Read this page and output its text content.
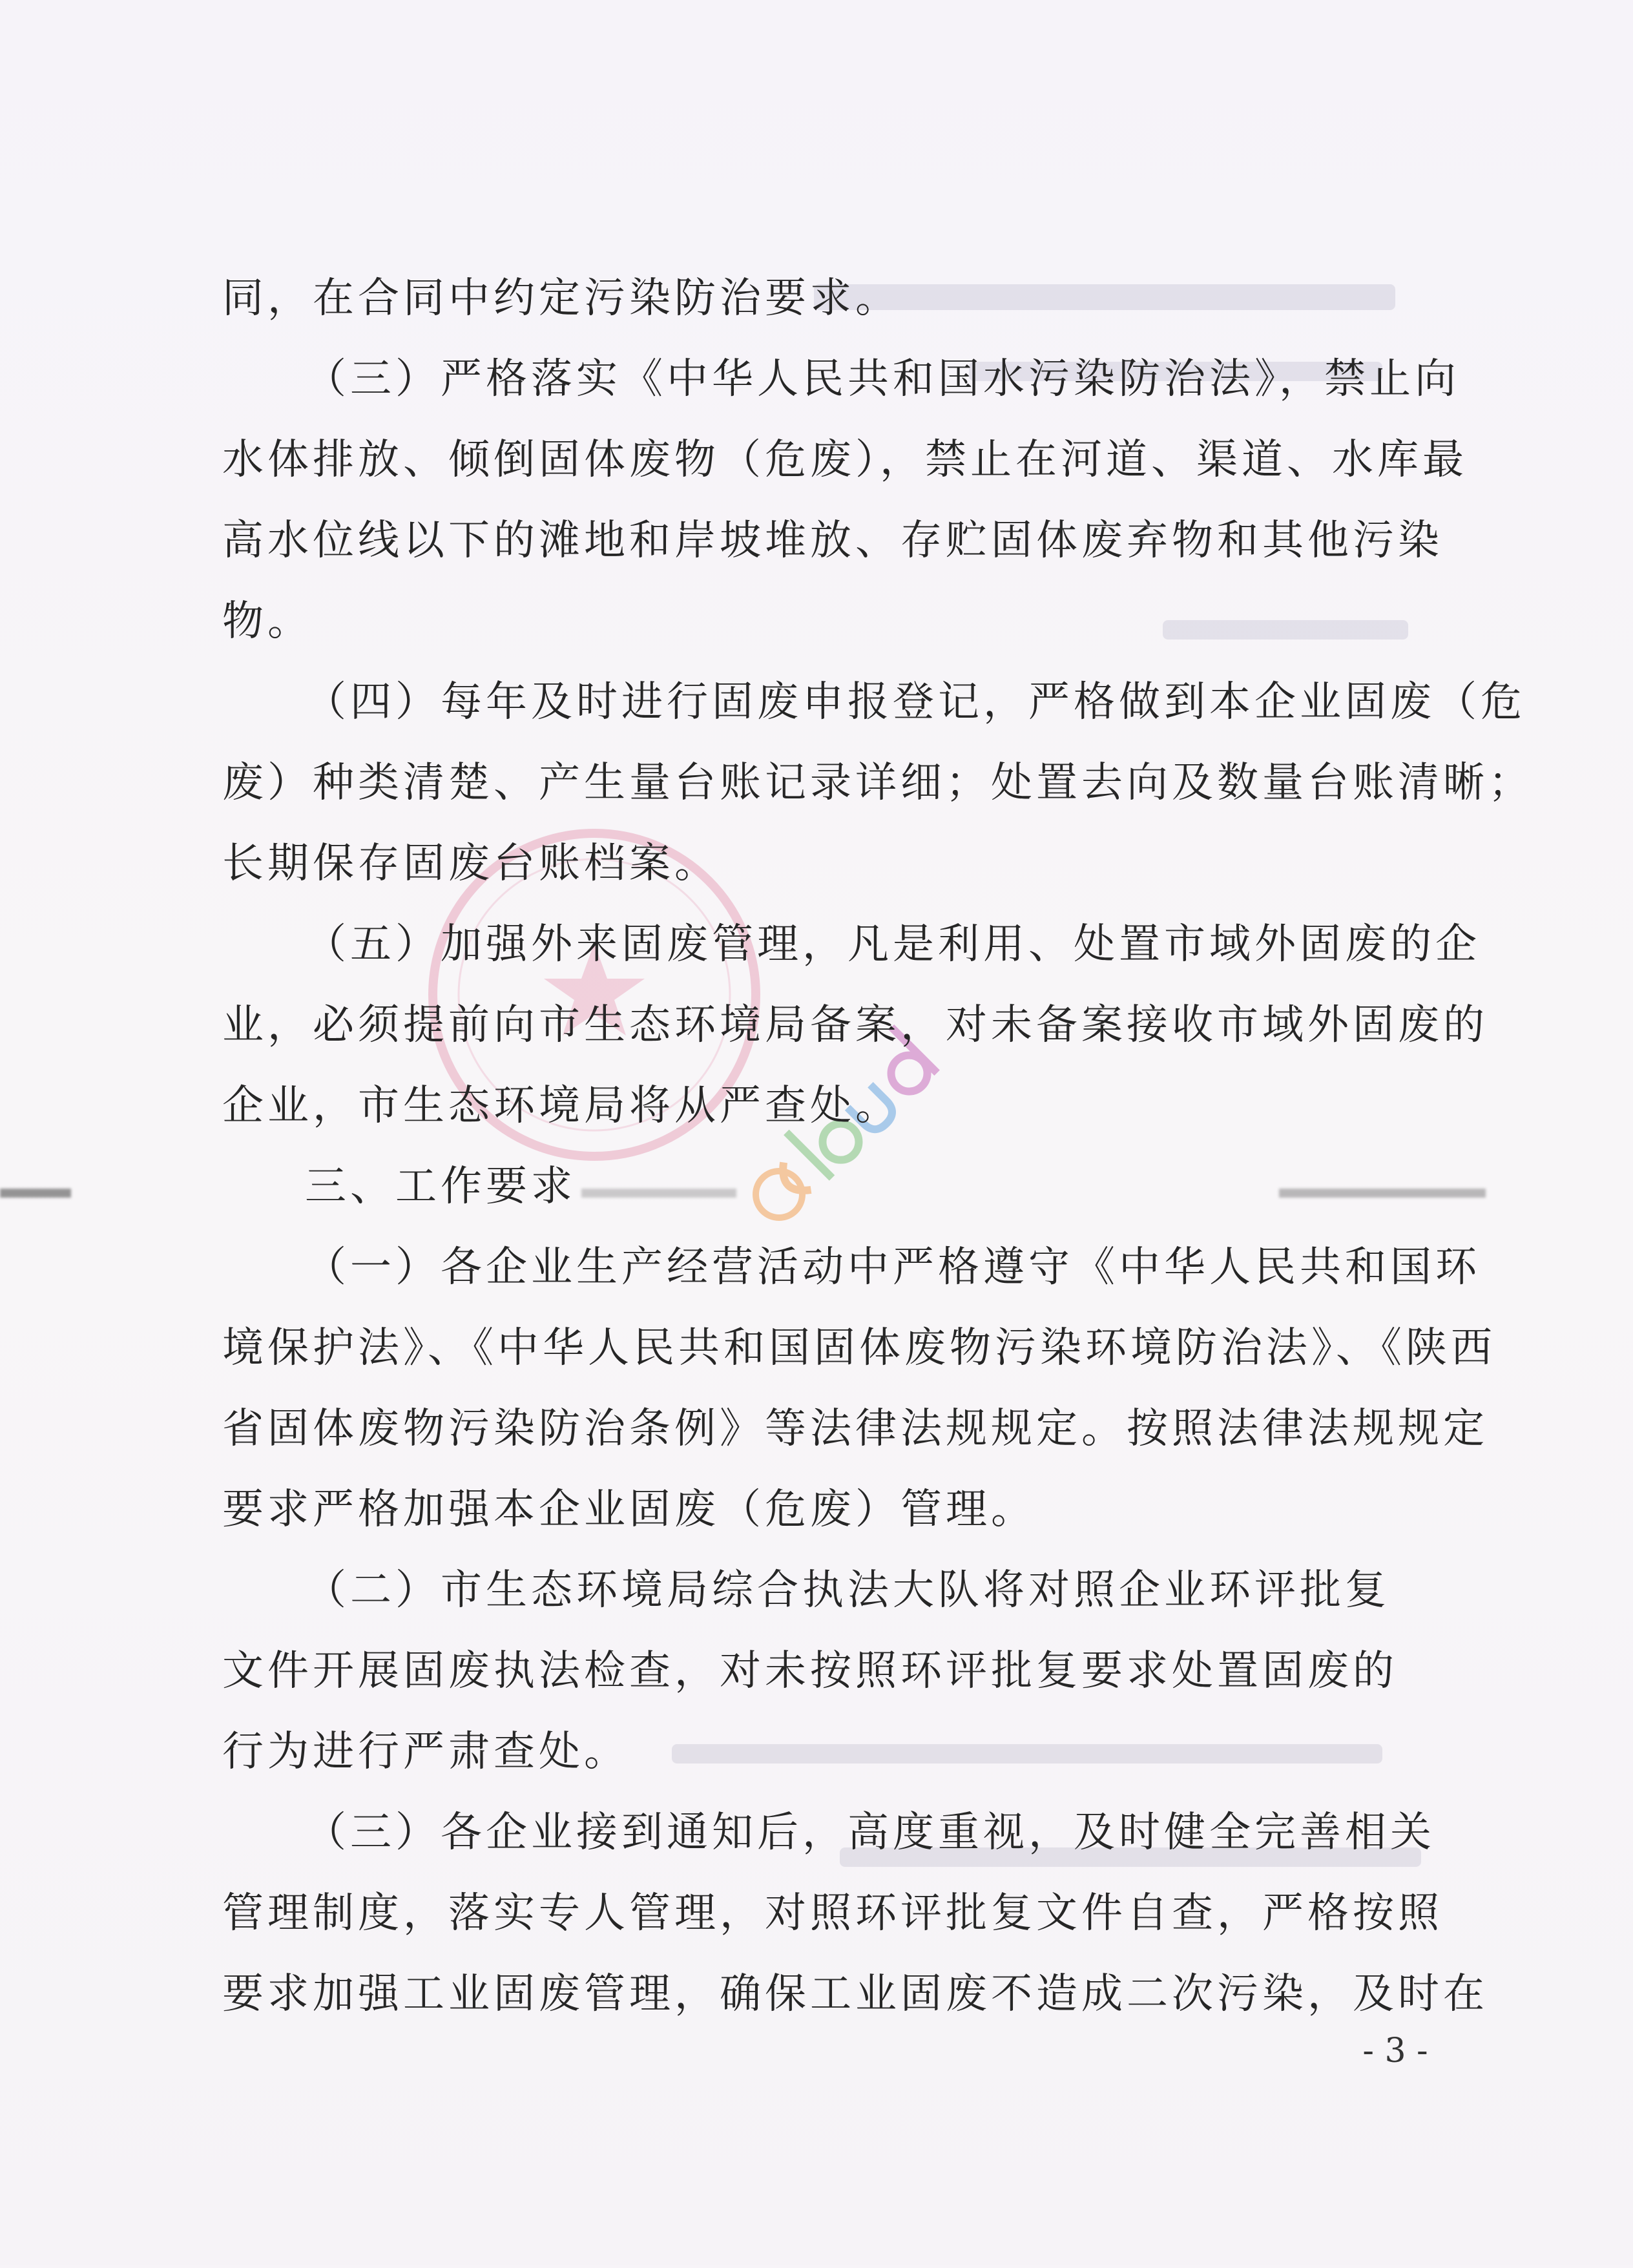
同，在合同中约定污染防治要求。
（三）严格落实《中华人民共和国水污染防治法》，禁止向
水体排放、倾倒固体废物（危废），禁止在河道、渠道、水库最
高水位线以下的滩地和岸坡堆放、存贮固体废弃物和其他污染
物。
（四）每年及时进行固废申报登记，严格做到本企业固废（危
废）种类清楚、产生量台账记录详细；处置去向及数量台账清晰；
长期保存固废台账档案。
（五）加强外来固废管理，凡是利用、处置市域外固废的企
业，必须提前向市生态环境局备案，对未备案接收市域外固废的
企业，市生态环境局将从严查处。
三、工作要求
（一）各企业生产经营活动中严格遵守《中华人民共和国环
境保护法》、《中华人民共和国固体废物污染环境防治法》、《陕西
省固体废物污染防治条例》等法律法规规定。按照法律法规规定
要求严格加强本企业固废（危废）管理。
（二）市生态环境局综合执法大队将对照企业环评批复
文件开展固废执法检查，对未按照环评批复要求处置固废的
行为进行严肃查处。
（三）各企业接到通知后，高度重视，及时健全完善相关
管理制度，落实专人管理，对照环评批复文件自查，严格按照
要求加强工业固废管理，确保工业固废不造成二次污染，及时在
- 3 -
